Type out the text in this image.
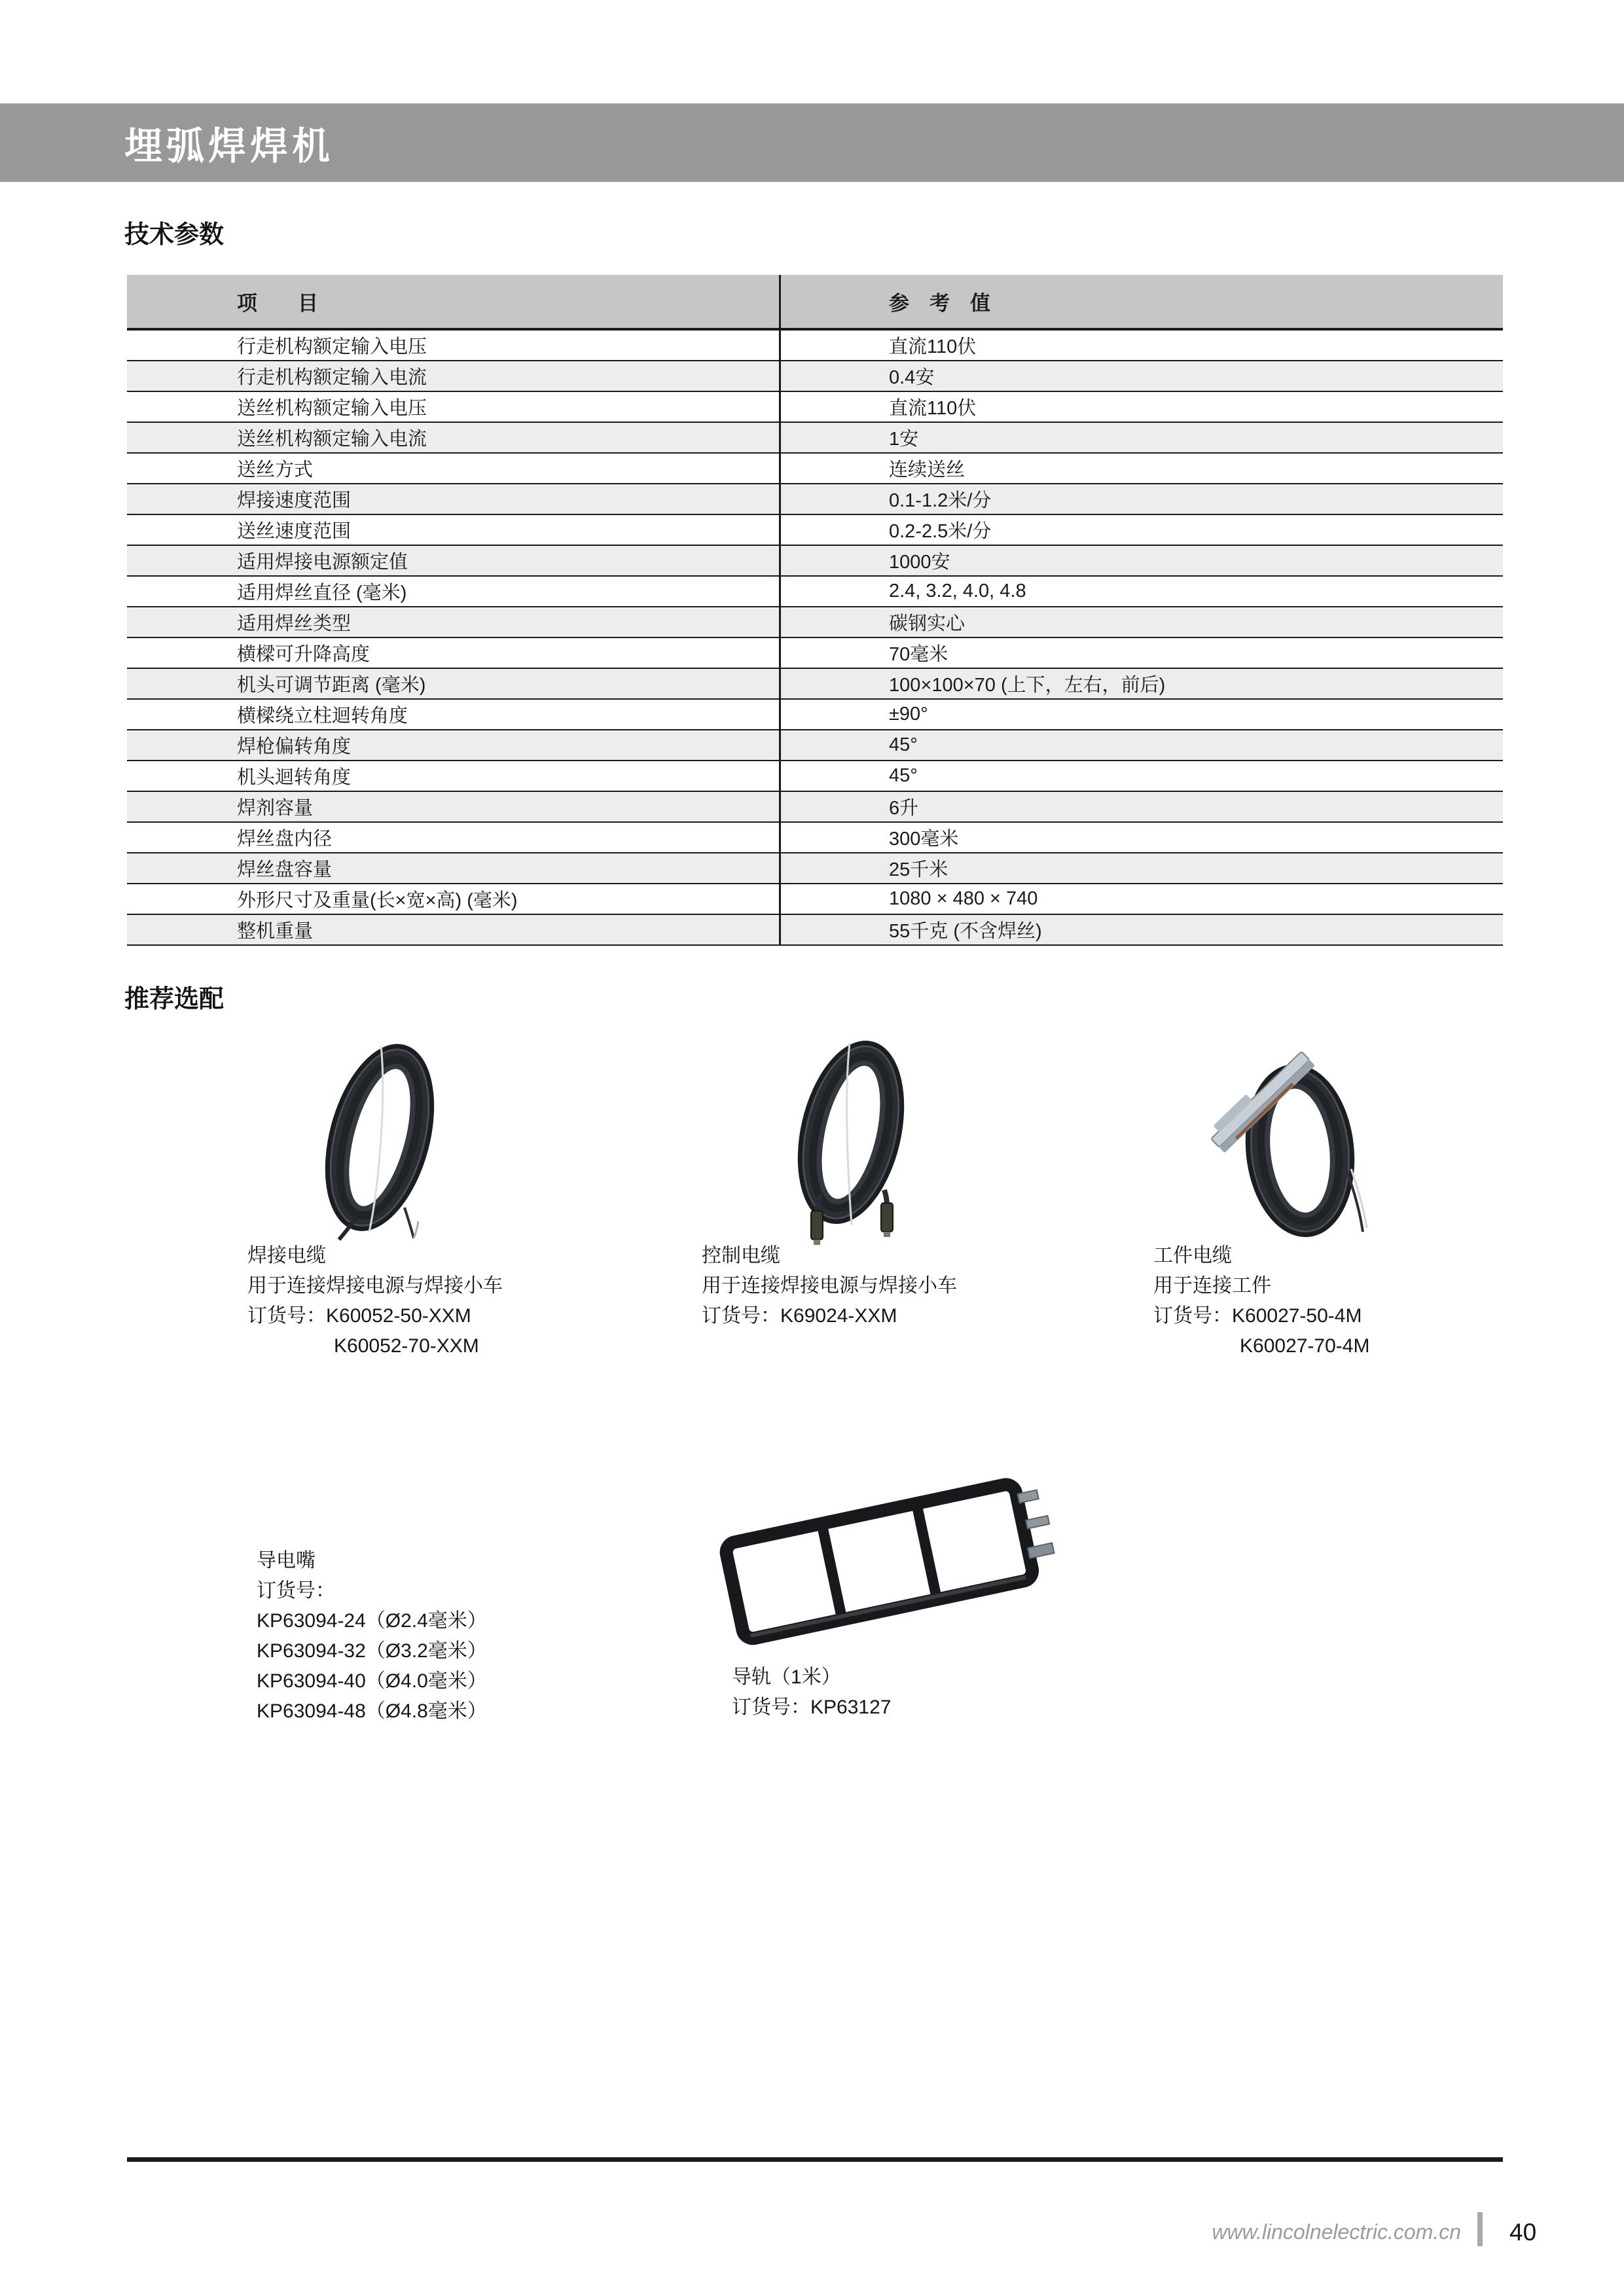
埋弧焊焊机
技术参数
项　　目	参　考　值
行走机构额定输入电压	直流110伏
行走机构额定输入电流	0.4安
送丝机构额定输入电压	直流110伏
送丝机构额定输入电流	1安
送丝方式	连续送丝
焊接速度范围	0.1-1.2米/分
送丝速度范围	0.2-2.5米/分
适用焊接电源额定值	1000安
适用焊丝直径 (毫米)	2.4, 3.2, 4.0, 4.8
适用焊丝类型	碳钢实心
横樑可升降高度	70毫米
机头可调节距离 (毫米)	100×100×70 (上下，左右，前后)
横樑绕立柱迴转角度	±90°
焊枪偏转角度	45°
机头迴转角度	45°
焊剂容量	6升
焊丝盘内径	300毫米
焊丝盘容量	25千米
外形尺寸及重量(长×宽×高) (毫米)	1080 × 480 × 740
整机重量	55千克 (不含焊丝)
推荐选配
焊接电缆
用于连接焊接电源与焊接小车
订货号：K60052-50-XXM
K60052-70-XXM
控制电缆
用于连接焊接电源与焊接小车
订货号：K69024-XXM
工件电缆
用于连接工件
订货号：K60027-50-4M
K60027-70-4M
导电嘴
订货号：
KP63094-24（Ø2.4毫米）
KP63094-32（Ø3.2毫米）
KP63094-40（Ø4.0毫米）
KP63094-48（Ø4.8毫米）
导轨（1米）
订货号：KP63127
www.lincolnelectric.com.cn 40
